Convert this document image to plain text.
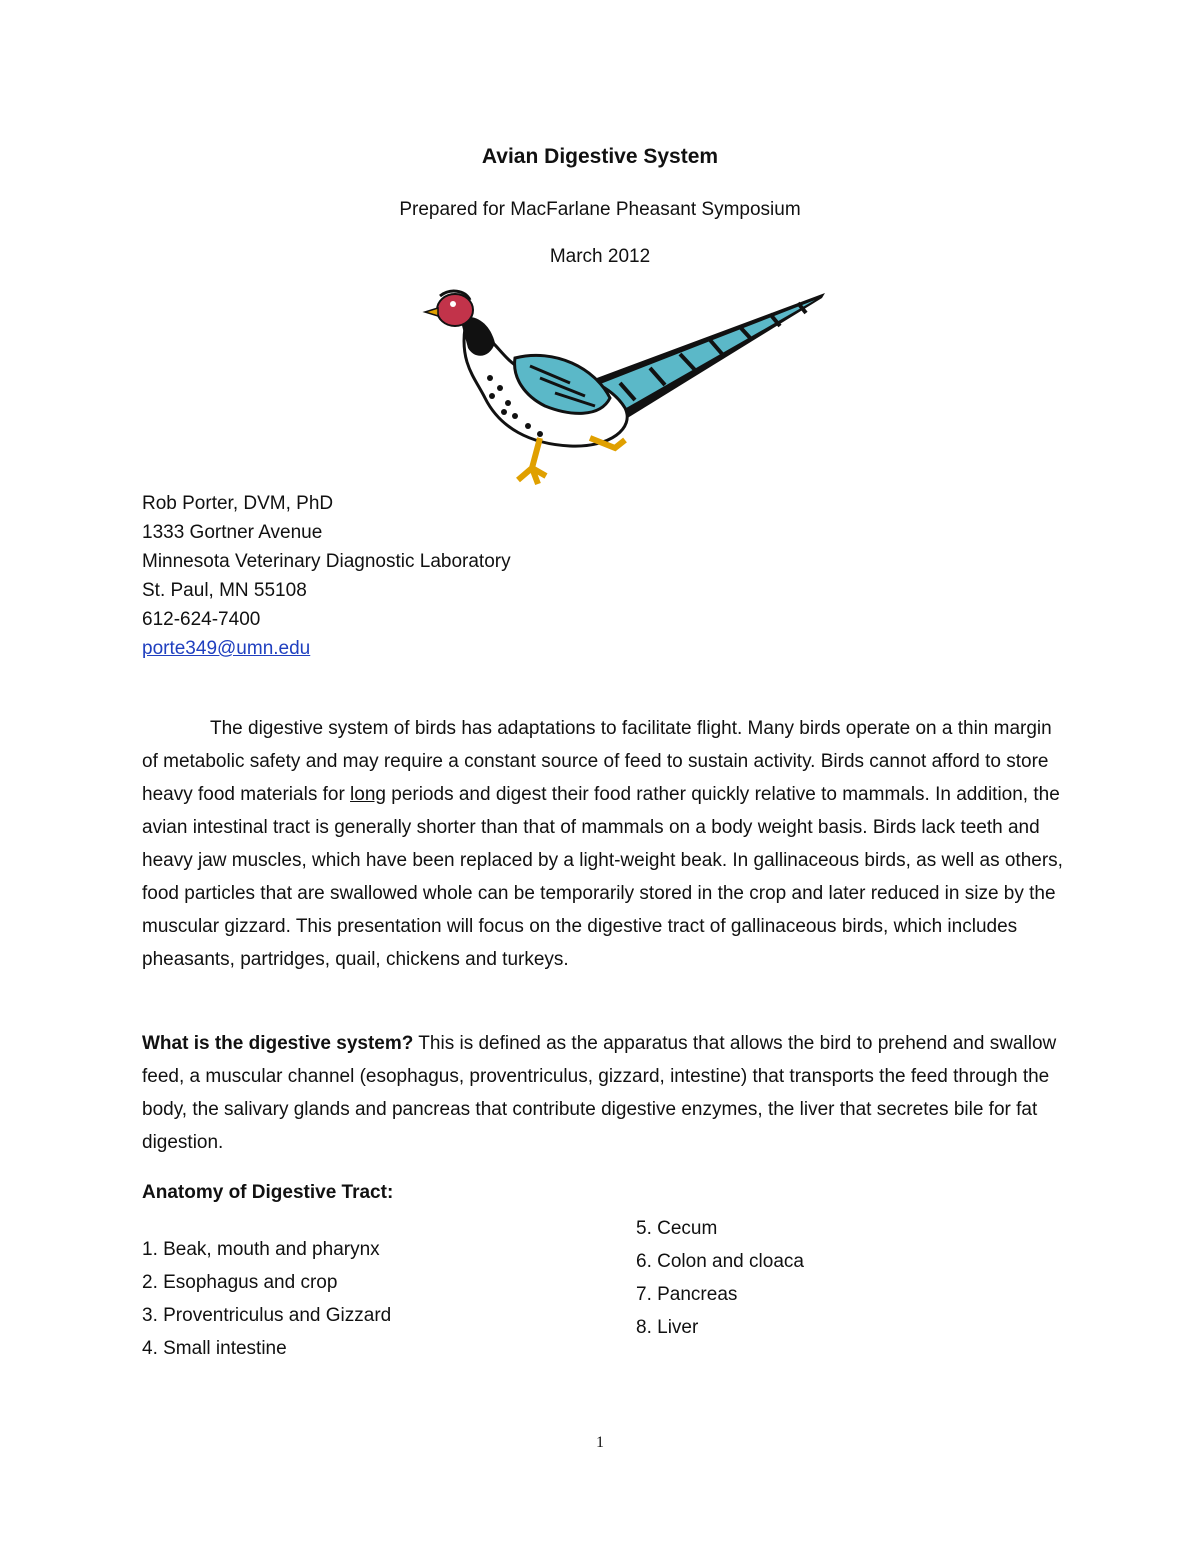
Avian Digestive System
Prepared for MacFarlane Pheasant Symposium
March 2012
Rob Porter, DVM, PhD
1333 Gortner Avenue
Minnesota Veterinary Diagnostic Laboratory
St. Paul, MN 55108
612-624-7400
porte349@umn.edu

The digestive system of birds has adaptations to facilitate flight. Many birds operate on a thin margin of metabolic safety and may require a constant source of feed to sustain activity. Birds cannot afford to store heavy food materials for long periods and digest their food rather quickly relative to mammals. In addition, the avian intestinal tract is generally shorter than that of mammals on a body weight basis. Birds lack teeth and heavy jaw muscles, which have been replaced by a light-weight beak. In gallinaceous birds, as well as others, food particles that are swallowed whole can be temporarily stored in the crop and later reduced in size by the muscular gizzard. This presentation will focus on the digestive tract of gallinaceous birds, which includes pheasants, partridges, quail, chickens and turkeys.

What is the digestive system? This is defined as the apparatus that allows the bird to prehend and swallow feed, a muscular channel (esophagus, proventriculus, gizzard, intestine) that transports the feed through the body, the salivary glands and pancreas that contribute digestive enzymes, the liver that secretes bile for fat digestion.

Anatomy of Digestive Tract:
1. Beak, mouth and pharynx
2. Esophagus and crop
3. Proventriculus and Gizzard
4. Small intestine
5. Cecum
6. Colon and cloaca
7. Pancreas
8. Liver
1
